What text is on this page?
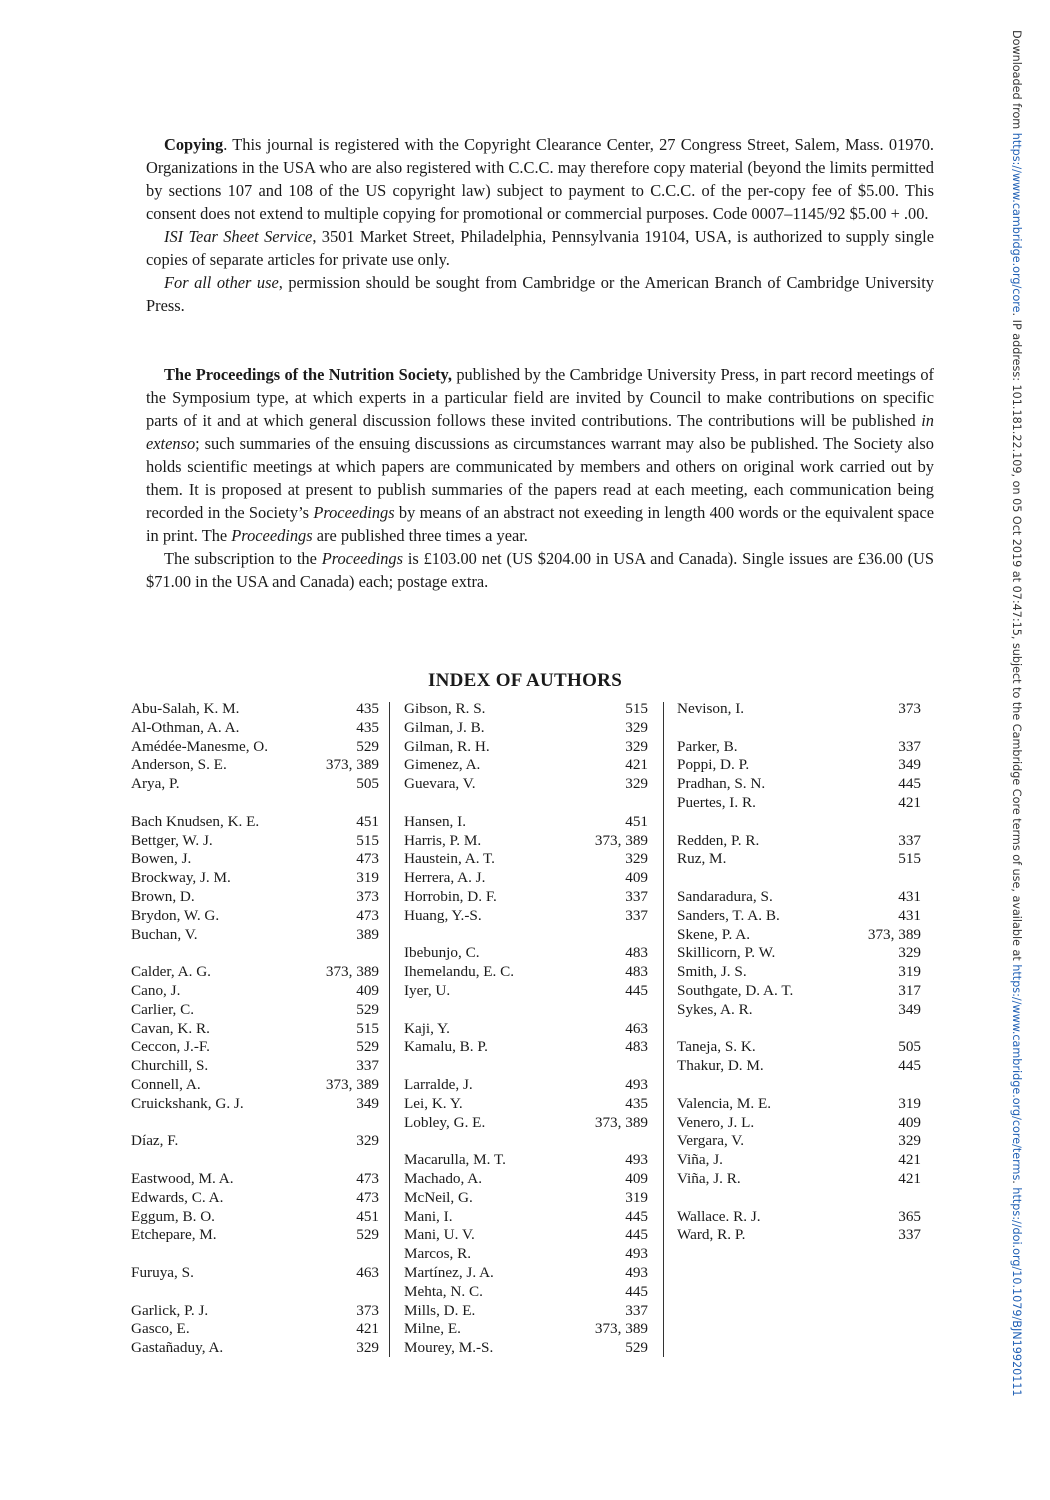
Downloaded from https://www.cambridge.org/core. IP address: 101.181.22.109, on 05 Oct 2019 at 07:47:15, subject to the Cambridge Core terms of use, available at https://www.cambridge.org/core/terms. https://doi.org/10.1079/BJN19920111

Copying. This journal is registered with the Copyright Clearance Center, 27 Congress Street, Salem, Mass. 01970. Organizations in the USA who are also registered with C.C.C. may therefore copy material (beyond the limits permitted by sections 107 and 108 of the US copyright law) subject to payment to C.C.C. of the per-copy fee of $5.00. This consent does not extend to multiple copying for promotional or commercial purposes. Code 0007–1145/92 $5.00 + .00.

ISI Tear Sheet Service, 3501 Market Street, Philadelphia, Pennsylvania 19104, USA, is authorized to supply single copies of separate articles for private use only.

For all other use, permission should be sought from Cambridge or the American Branch of Cambridge University Press.

The Proceedings of the Nutrition Society, published by the Cambridge University Press, in part record meetings of the Symposium type, at which experts in a particular field are invited by Council to make contributions on specific parts of it and at which general discussion follows these invited contributions. The contributions will be published in extenso; such summaries of the ensuing discussions as circumstances warrant may also be published. The Society also holds scientific meetings at which papers are communicated by members and others on original work carried out by them. It is proposed at present to publish summaries of the papers read at each meeting, each communication being recorded in the Society’s Proceedings by means of an abstract not exeeding in length 400 words or the equivalent space in print. The Proceedings are published three times a year.

The subscription to the Proceedings is £103.00 net (US $204.00 in USA and Canada). Single issues are £36.00 (US $71.00 in the USA and Canada) each; postage extra.

INDEX OF AUTHORS
Abu-Salah, K. M.	435
Al-Othman, A. A.	435
Amédée-Manesme, O.	529
Anderson, S. E.	373, 389
Arya, P.	505
Bach Knudsen, K. E.	451
Bettger, W. J.	515
Bowen, J.	473
Brockway, J. M.	319
Brown, D.	373
Brydon, W. G.	473
Buchan, V.	389
Calder, A. G.	373, 389
Cano, J.	409
Carlier, C.	529
Cavan, K. R.	515
Ceccon, J.-F.	529
Churchill, S.	337
Connell, A.	373, 389
Cruickshank, G. J.	349
Díaz, F.	329
Eastwood, M. A.	473
Edwards, C. A.	473
Eggum, B. O.	451
Etchepare, M.	529
Furuya, S.	463
Garlick, P. J.	373
Gasco, E.	421
Gastañaduy, A.	329
Gibson, R. S.	515
Gilman, J. B.	329
Gilman, R. H.	329
Gimenez, A.	421
Guevara, V.	329
Hansen, I.	451
Harris, P. M.	373, 389
Haustein, A. T.	329
Herrera, A. J.	409
Horrobin, D. F.	337
Huang, Y.-S.	337
Ibebunjo, C.	483
Ihemelandu, E. C.	483
Iyer, U.	445
Kaji, Y.	463
Kamalu, B. P.	483
Larralde, J.	493
Lei, K. Y.	435
Lobley, G. E.	373, 389
Macarulla, M. T.	493
Machado, A.	409
McNeil, G.	319
Mani, I.	445
Mani, U. V.	445
Marcos, R.	493
Martínez, J. A.	493
Mehta, N. C.	445
Mills, D. E.	337
Milne, E.	373, 389
Mourey, M.-S.	529
Nevison, I.	373
Parker, B.	337
Poppi, D. P.	349
Pradhan, S. N.	445
Puertes, I. R.	421
Redden, P. R.	337
Ruz, M.	515
Sandaradura, S.	431
Sanders, T. A. B.	431
Skene, P. A.	373, 389
Skillicorn, P. W.	329
Smith, J. S.	319
Southgate, D. A. T.	317
Sykes, A. R.	349
Taneja, S. K.	505
Thakur, D. M.	445
Valencia, M. E.	319
Venero, J. L.	409
Vergara, V.	329
Viña, J.	421
Viña, J. R.	421
Wallace. R. J.	365
Ward, R. P.	337
